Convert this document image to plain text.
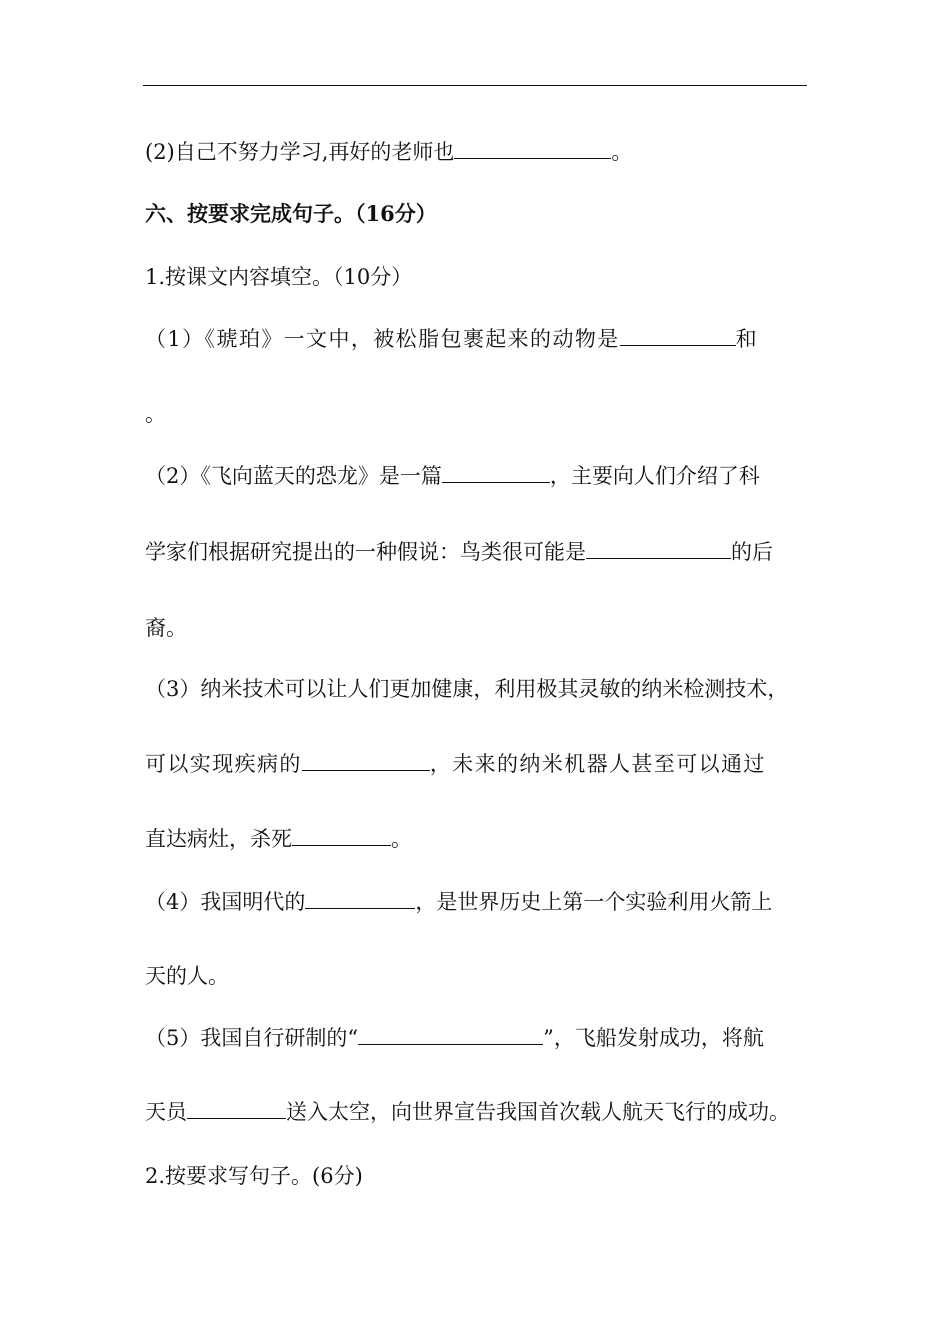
(2)自己不努力学习,再好的老师也	。
六、按要求完成句子。（16分）
1.按课文内容填空。（10分）
（1）《琥珀》一文中，被松脂包裹起来的动物是	和
。
（2）《飞向蓝天的恐龙》是一篇	，主要向人们介绍了科
学家们根据研究提出的一种假说：鸟类很可能是	的后
裔。
（3）纳米技术可以让人们更加健康，利用极其灵敏的纳米检测技术，
可以实现疾病的	，未来的纳米机器人甚至可以通过
直达病灶，杀死	。
（4）我国明代的	，是世界历史上第一个实验利用火箭上
天的人。
（5）我国自行研制的“	”，飞船发射成功，将航
天员	送入太空，向世界宣告我国首次载人航天飞行的成功。
2.按要求写句子。(6分)
